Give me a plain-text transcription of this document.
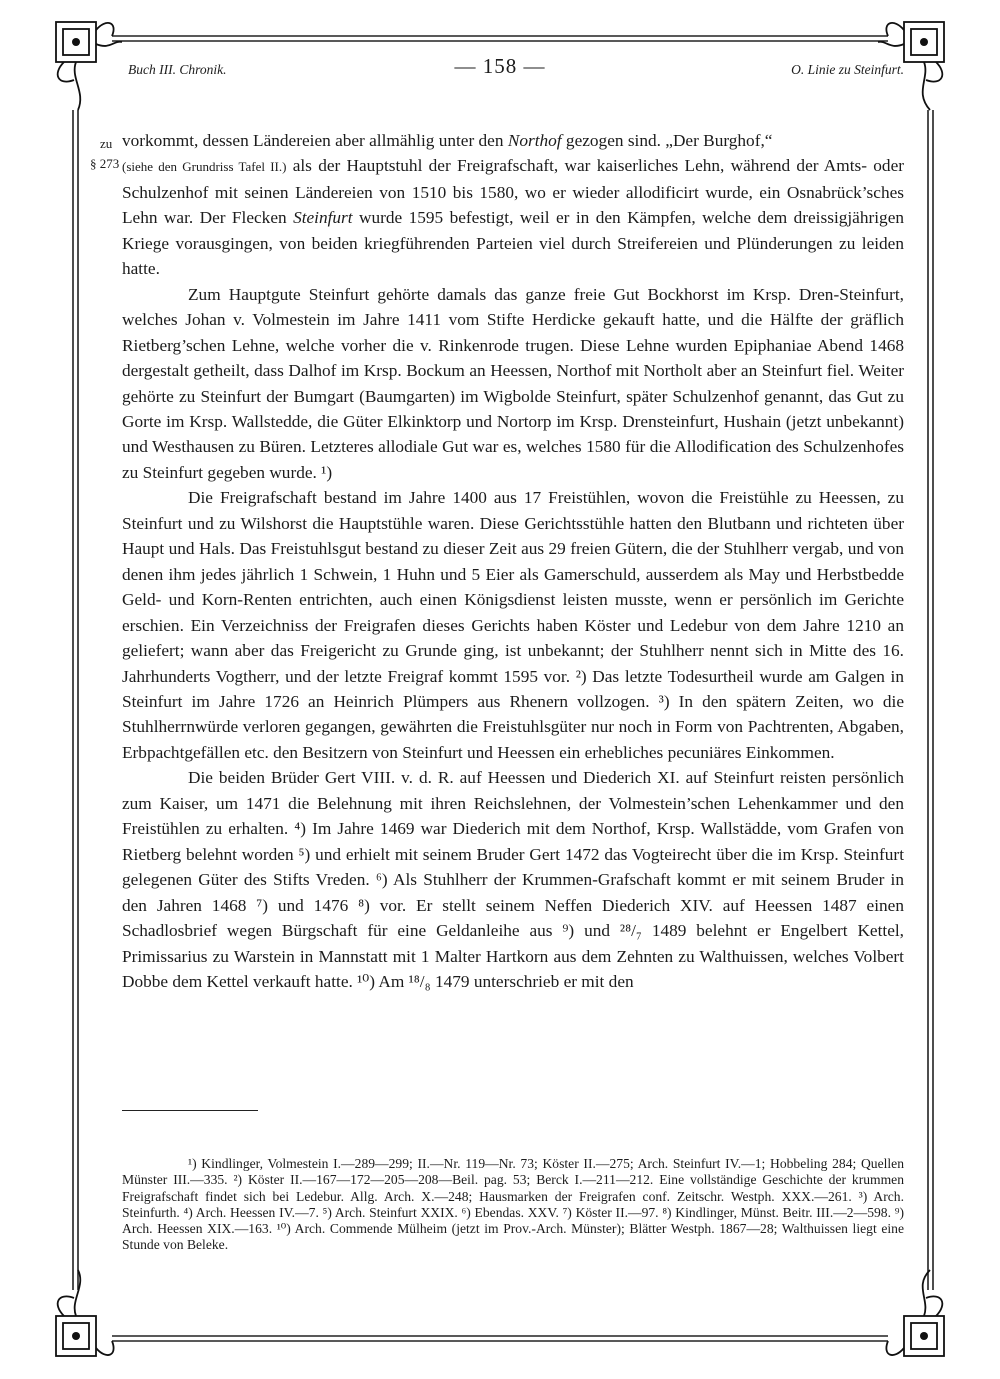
Buch III. Chronik.	— 158 —	O. Linie zu Steinfurt.
zu
§ 273

vorkommt, dessen Ländereien aber allmählig unter den Northof gezogen sind. „Der Burghof,“
(siehe den Grundriss Tafel II.) als der Hauptstuhl der Freigrafschaft, war kaiserliches Lehn, während der Amts- oder Schulzenhof mit seinen Ländereien von 1510 bis 1580, wo er wieder allodificirt wurde, ein Osnabrück’sches Lehn war. Der Flecken Steinfurt wurde 1595 befestigt, weil er in den Kämpfen, welche dem dreissigjährigen Kriege vorausgingen, von beiden kriegführenden Parteien viel durch Streifereien und Plünderungen zu leiden hatte.

Zum Hauptgute Steinfurt gehörte damals das ganze freie Gut Bockhorst im Krsp. Dren-Steinfurt, welches Johan v. Volmestein im Jahre 1411 vom Stifte Herdicke gekauft hatte, und die Hälfte der gräflich Rietberg’schen Lehne, welche vorher die v. Rinkenrode trugen. Diese Lehne wurden Epiphaniae Abend 1468 dergestalt getheilt, dass Dalhof im Krsp. Bockum an Heessen, Northof mit Northolt aber an Steinfurt fiel. Weiter gehörte zu Steinfurt der Bumgart (Baumgarten) im Wigbolde Steinfurt, später Schulzenhof genannt, das Gut zu Gorte im Krsp. Wallstedde, die Güter Elkinktorp und Nortorp im Krsp. Drensteinfurt, Hushain (jetzt unbekannt) und Westhausen zu Büren. Letzteres allodiale Gut war es, welches 1580 für die Allodification des Schulzenhofes zu Steinfurt gegeben wurde. ¹)

Die Freigrafschaft bestand im Jahre 1400 aus 17 Freistühlen, wovon die Freistühle zu Heessen, zu Steinfurt und zu Wilshorst die Hauptstühle waren. Diese Gerichtsstühle hatten den Blutbann und richteten über Haupt und Hals. Das Freistuhlsgut bestand zu dieser Zeit aus 29 freien Gütern, die der Stuhlherr vergab, und von denen ihm jedes jährlich 1 Schwein, 1 Huhn und 5 Eier als Gamerschuld, ausserdem als May und Herbstbedde Geld- und Korn-Renten entrichten, auch einen Königsdienst leisten musste, wenn er persönlich im Gerichte erschien. Ein Verzeichniss der Freigrafen dieses Gerichts haben Köster und Ledebur von dem Jahre 1210 an geliefert; wann aber das Freigericht zu Grunde ging, ist unbekannt; der Stuhlherr nennt sich in Mitte des 16. Jahrhunderts Vogtherr, und der letzte Freigraf kommt 1595 vor. ²) Das letzte Todesurtheil wurde am Galgen in Steinfurt im Jahre 1726 an Heinrich Plümpers aus Rhenern vollzogen. ³) In den spätern Zeiten, wo die Stuhlherrnwürde verloren gegangen, gewährten die Freistuhlsgüter nur noch in Form von Pachtrenten, Abgaben, Erbpachtgefällen etc. den Besitzern von Steinfurt und Heessen ein erhebliches pecuniäres Einkommen.

Die beiden Brüder Gert VIII. v. d. R. auf Heessen und Diederich XI. auf Steinfurt reisten persönlich zum Kaiser, um 1471 die Belehnung mit ihren Reichslehnen, der Volmestein’schen Lehenkammer und den Freistühlen zu erhalten. ⁴) Im Jahre 1469 war Diederich mit dem Northof, Krsp. Wallstädde, vom Grafen von Rietberg belehnt worden ⁵) und erhielt mit seinem Bruder Gert 1472 das Vogteirecht über die im Krsp. Steinfurt gelegenen Güter des Stifts Vreden. ⁶) Als Stuhlherr der Krummen-Grafschaft kommt er mit seinem Bruder in den Jahren 1468 ⁷) und 1476 ⁸) vor. Er stellt seinem Neffen Diederich XIV. auf Heessen 1487 einen Schadlosbrief wegen Bürgschaft für eine Geldanleihe aus ⁹) und ²⁸/₇ 1489 belehnt er Engelbert Kettel, Primissarius zu Warstein in Mannstatt mit 1 Malter Hartkorn aus dem Zehnten zu Walthuissen, welches Volbert Dobbe dem Kettel verkauft hatte. ¹⁰) Am ¹⁸/₈ 1479 unterschrieb er mit den

¹) Kindlinger, Volmestein I.—289—299; II.—Nr. 119—Nr. 73; Köster II.—275; Arch. Steinfurt IV.—1; Hobbeling 284; Quellen Münster III.—335. ²) Köster II.—167—172—205—208—Beil. pag. 53; Berck I.—211—212. Eine vollständige Geschichte der krummen Freigrafschaft findet sich bei Ledebur. Allg. Arch. X.—248; Hausmarken der Freigrafen conf. Zeitschr. Westph. XXX.—261. ³) Arch. Steinfurth. ⁴) Arch. Heessen IV.—7. ⁵) Arch. Steinfurt XXIX. ⁶) Ebendas. XXV. ⁷) Köster II.—97. ⁸) Kindlinger, Münst. Beitr. III.—2—598. ⁹) Arch. Heessen XIX.—163. ¹⁰) Arch. Commende Mülheim (jetzt im Prov.-Arch. Münster); Blätter Westph. 1867—28; Walthuissen liegt eine Stunde von Beleke.
